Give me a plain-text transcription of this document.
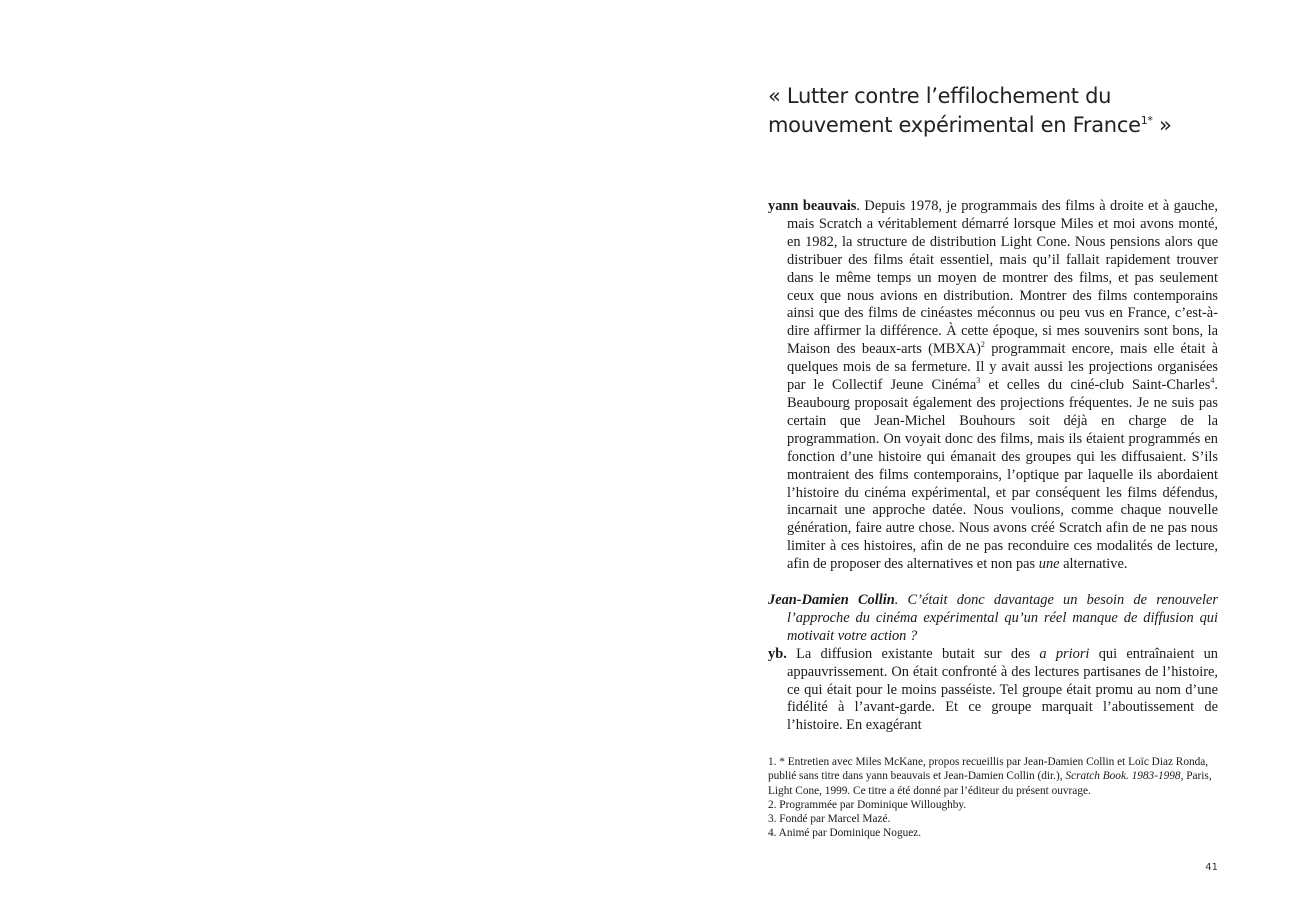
« Lutter contre l’effilochement du
mouvement expérimental en France$^{1*}$ »

yann beauvais. Depuis 1978, je programmais des films à droite et à gauche, mais Scratch a véritablement démarré lorsque Miles et moi avons monté, en 1982, la structure de distribution Light Cone. Nous pensions alors que distribuer des films était essentiel, mais qu’il fallait rapidement trouver dans le même temps un moyen de montrer des films, et pas seulement ceux que nous avions en distribution. Montrer des films contemporains ainsi que des films de cinéastes méconnus ou peu vus en France, c’est-à-dire affirmer la différence. À cette époque, si mes souvenirs sont bons, la Maison des beaux-arts (MBXA)$^2$ programmait encore, mais elle était à quelques mois de sa fermeture. Il y avait aussi les projections organisées par le Collectif Jeune Cinéma$^3$ et celles du ciné-club Saint-Charles$^4$. Beaubourg proposait également des projections fréquentes. Je ne suis pas certain que Jean-Michel Bouhours soit déjà en charge de la programmation. On voyait donc des films, mais ils étaient programmés en fonction d’une histoire qui émanait des groupes qui les diffusaient. S’ils montraient des films contemporains, l’optique par laquelle ils abordaient l’histoire du cinéma expérimental, et par conséquent les films défendus, incarnait une approche datée. Nous voulions, comme chaque nouvelle génération, faire autre chose. Nous avons créé Scratch afin de ne pas nous limiter à ces histoires, afin de ne pas reconduire ces modalités de lecture, afin de proposer des alternatives et non pas une alternative.

Jean-Damien Collin. C’était donc davantage un besoin de renouveler l’approche du cinéma expérimental qu’un réel manque de diffusion qui motivait votre action ?

yb. La diffusion existante butait sur des a priori qui entraînaient un appauvrissement. On était confronté à des lectures partisanes de l’histoire, ce qui était pour le moins passéiste. Tel groupe était promu au nom d’une fidélité à l’avant-garde. Et ce groupe marquait l’aboutissement de l’histoire. En exagérant

1. * Entretien avec Miles McKane, propos recueillis par Jean-Damien Collin et Loïc Diaz Ronda, publié sans titre dans yann beauvais et Jean-Damien Collin (dir.), Scratch Book. 1983-1998, Paris, Light Cone, 1999. Ce titre a été donné par l’éditeur du présent ouvrage.

2. Programmée par Dominique Willoughby.

3. Fondé par Marcel Mazé.

4. Animé par Dominique Noguez.

41
